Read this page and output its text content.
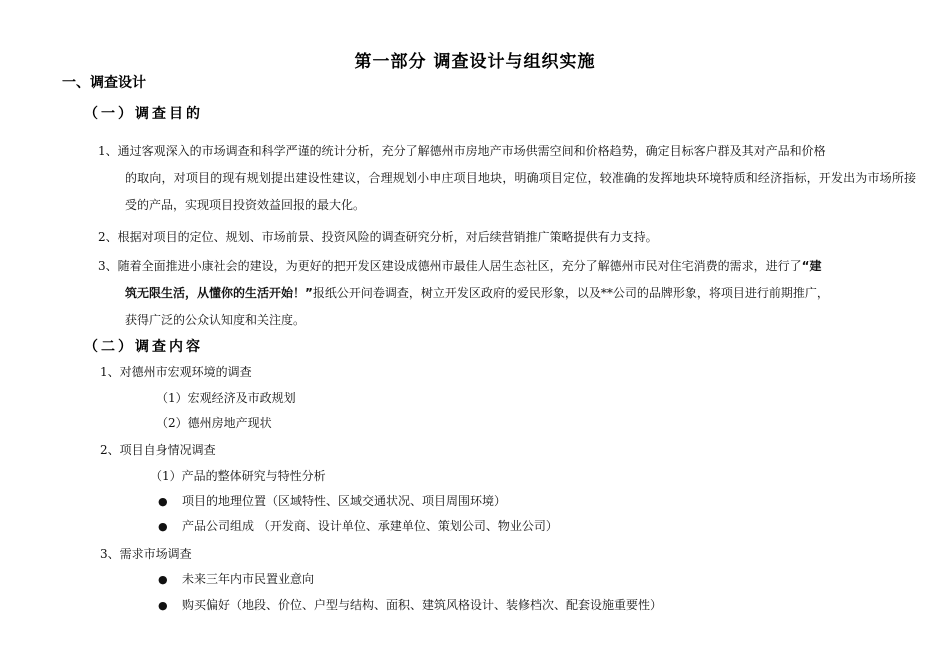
第一部分 调查设计与组织实施
一、调查设计
（一）调查目的
1、通过客观深入的市场调查和科学严谨的统计分析，充分了解德州市房地产市场供需空间和价格趋势，确定目标客户群及其对产品和价格
的取向，对项目的现有规划提出建设性建议，合理规划小申庄项目地块，明确项目定位，较准确的发挥地块环境特质和经济指标，开发出为市场所接受的产品，实现项目投资效益回报的最大化。
2、根据对项目的定位、规划、市场前景、投资风险的调查研究分析，对后续营销推广策略提供有力支持。
3、随着全面推进小康社会的建设，为更好的把开发区建设成德州市最佳人居生态社区，充分了解德州市民对住宅消费的需求，进行了“建
筑无限生活，从懂你的生活开始！”报纸公开问卷调查，树立开发区政府的爱民形象，以及**公司的品牌形象，将项目进行前期推广，
获得广泛的公众认知度和关注度。
（二）调查内容
1、对德州市宏观环境的调查
（1）宏观经济及市政规划
（2）德州房地产现状
2、项目自身情况调查
（1）产品的整体研究与特性分析
● 项目的地理位置（区域特性、区域交通状况、项目周围环境）
● 产品公司组成 （开发商、设计单位、承建单位、策划公司、物业公司）
3、需求市场调查
● 未来三年内市民置业意向
● 购买偏好（地段、价位、户型与结构、面积、建筑风格设计、装修档次、配套设施重要性）
